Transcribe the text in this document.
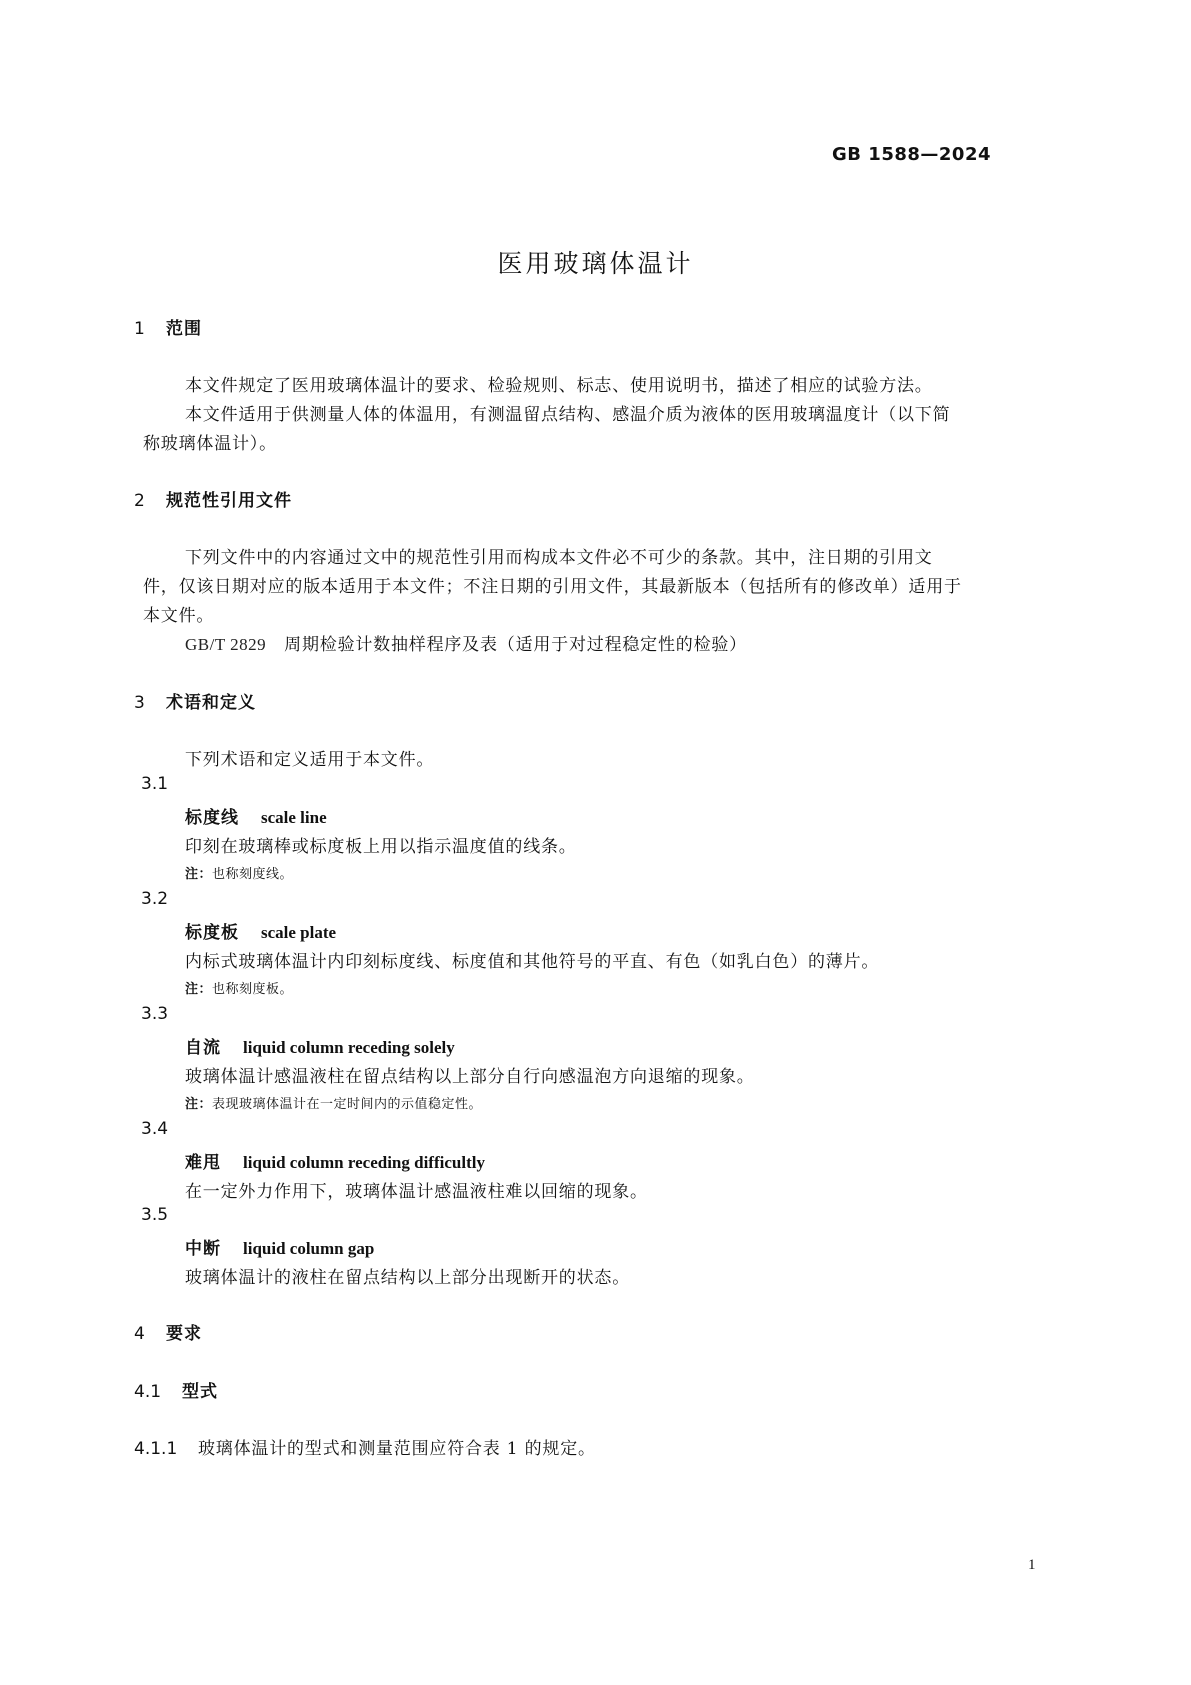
GB 1588—2024
医用玻璃体温计
1 范围
本文件规定了医用玻璃体温计的要求、检验规则、标志、使用说明书，描述了相应的试验方法。
本文件适用于供测量人体的体温用，有测温留点结构、感温介质为液体的医用玻璃温度计（以下简
称玻璃体温计）。
2 规范性引用文件
下列文件中的内容通过文中的规范性引用而构成本文件必不可少的条款。其中，注日期的引用文
件，仅该日期对应的版本适用于本文件；不注日期的引用文件，其最新版本（包括所有的修改单）适用于
本文件。
GB/T 2829 周期检验计数抽样程序及表（适用于对过程稳定性的检验）
3 术语和定义
下列术语和定义适用于本文件。
3.1
标度线 scale line
印刻在玻璃棒或标度板上用以指示温度值的线条。
注：也称刻度线。
3.2
标度板 scale plate
内标式玻璃体温计内印刻标度线、标度值和其他符号的平直、有色（如乳白色）的薄片。
注：也称刻度板。
3.3
自流 liquid column receding solely
玻璃体温计感温液柱在留点结构以上部分自行向感温泡方向退缩的现象。
注：表现玻璃体温计在一定时间内的示值稳定性。
3.4
难甩 liquid column receding difficultly
在一定外力作用下，玻璃体温计感温液柱难以回缩的现象。
3.5
中断 liquid column gap
玻璃体温计的液柱在留点结构以上部分出现断开的状态。
4 要求
4.1 型式
4.1.1 玻璃体温计的型式和测量范围应符合表 1 的规定。
1
